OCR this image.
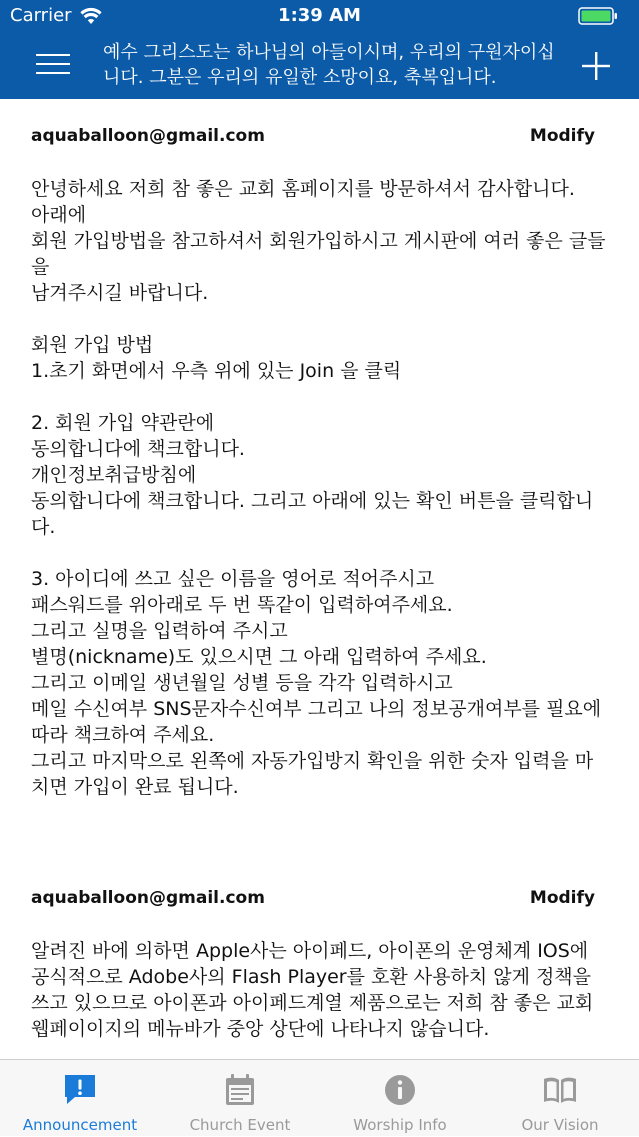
Carrier	1:39 AM
예수 그리스도는 하나님의 아들이시며, 우리의 구원자이십니다. 그분은 우리의 유일한 소망이요, 축복입니다.
aquaballoon@gmail.com	Modify

안녕하세요 저희 참 좋은 교회 홈페이지를 방문하셔서 감사합니다.
아래에
회원 가입방법을 참고하셔서 회원가입하시고 게시판에 여러 좋은 글들을
남겨주시길 바랍니다.

회원 가입 방법
1.초기 화면에서 우측 위에 있는 Join 을 클릭

2. 회원 가입 약관란에
동의합니다에 책크합니다.
개인정보취급방침에
동의합니다에 책크합니다. 그리고 아래에 있는 확인 버튼을 클릭합니다.

3. 아이디에 쓰고 싶은 이름을 영어로 적어주시고
패스워드를 위아래로 두 번 똑같이 입력하여주세요.
그리고 실명을 입력하여 주시고
별명(nickname)도 있으시면 그 아래 입력하여 주세요.
그리고 이메일 생년월일 성별 등을 각각 입력하시고
메일 수신여부 SNS문자수신여부 그리고 나의 정보공개여부를 필요에 따라 책크하여 주세요.
그리고 마지막으로 왼쪽에 자동가입방지 확인을 위한 숫자 입력을 마치면 가입이 완료 됩니다.

aquaballoon@gmail.com	Modify

알려진 바에 의하면 Apple사는 아이페드, 아이폰의 운영체계 IOS에 공식적으로 Adobe사의 Flash Player를 호환 사용하치 않게 정책을 쓰고 있으므로 아이폰과 아이페드계열 제품으로는 저희 참 좋은 교회 웹페이이지의 메뉴바가 중앙 상단에 나타나지 않습니다.

Announcement	Church Event	Worship Info	Our Vision
